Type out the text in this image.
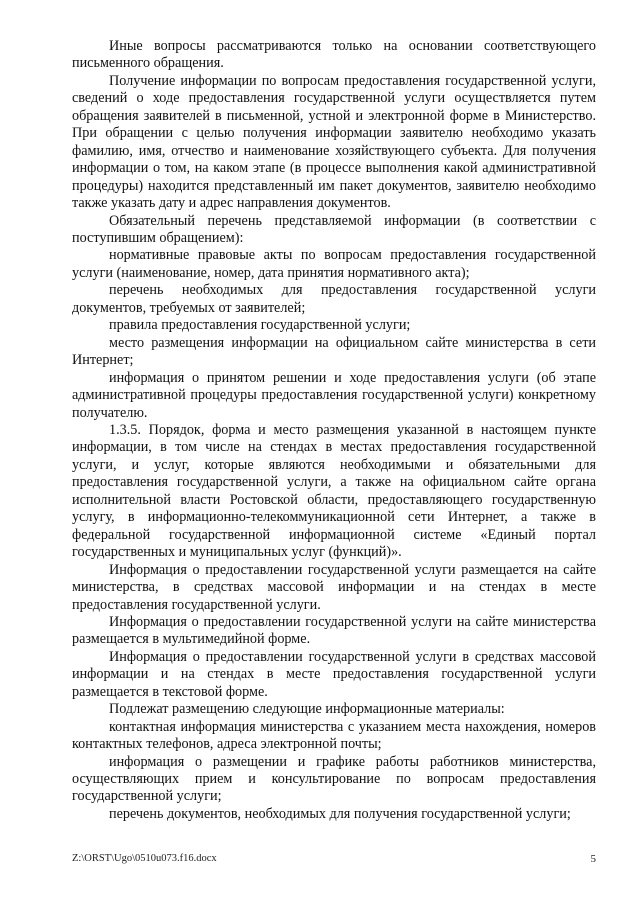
Иные вопросы рассматриваются только на основании соответствующего письменного обращения.

Получение информации по вопросам предоставления государственной услуги, сведений о ходе предоставления государственной услуги осуществляется путем обращения заявителей в письменной, устной и электронной форме в Министерство. При обращении с целью получения информации заявителю необходимо указать фамилию, имя, отчество и наименование хозяйствующего субъекта. Для получения информации о том, на каком этапе (в процессе выполнения какой административной процедуры) находится представленный им пакет документов, заявителю необходимо также указать дату и адрес направления документов.

Обязательный перечень представляемой информации (в соответствии с поступившим обращением):

нормативные правовые акты по вопросам предоставления государственной услуги (наименование, номер, дата принятия нормативного акта);

перечень необходимых для предоставления государственной услуги документов, требуемых от заявителей;

правила предоставления государственной услуги;

место размещения информации на официальном сайте министерства в сети Интернет;

информация о принятом решении и ходе предоставления услуги (об этапе административной процедуры предоставления государственной услуги) конкретному получателю.

1.3.5. Порядок, форма и место размещения указанной в настоящем пункте информации, в том числе на стендах в местах предоставления государственной услуги, и услуг, которые являются необходимыми и обязательными для предоставления государственной услуги, а также на официальном сайте органа исполнительной власти Ростовской области, предоставляющего государственную услугу, в информационно-телекоммуникационной сети Интернет, а также в федеральной государственной информационной системе «Единый портал государственных и муниципальных услуг (функций)».

Информация о предоставлении государственной услуги размещается на сайте министерства, в средствах массовой информации и на стендах в месте предоставления государственной услуги.

Информация о предоставлении государственной услуги на сайте министерства размещается в мультимедийной форме.

Информация о предоставлении государственной услуги в средствах массовой информации и на стендах в месте предоставления государственной услуги размещается в текстовой форме.

Подлежат размещению следующие информационные материалы:

контактная информация министерства с указанием места нахождения, номеров контактных телефонов, адреса электронной почты;

информация о размещении и графике работы работников министерства, осуществляющих прием и консультирование по вопросам предоставления государственной услуги;

перечень документов, необходимых для получения государственной услуги;

Z:\ORST\Ugo\0510u073.f16.docx	5
